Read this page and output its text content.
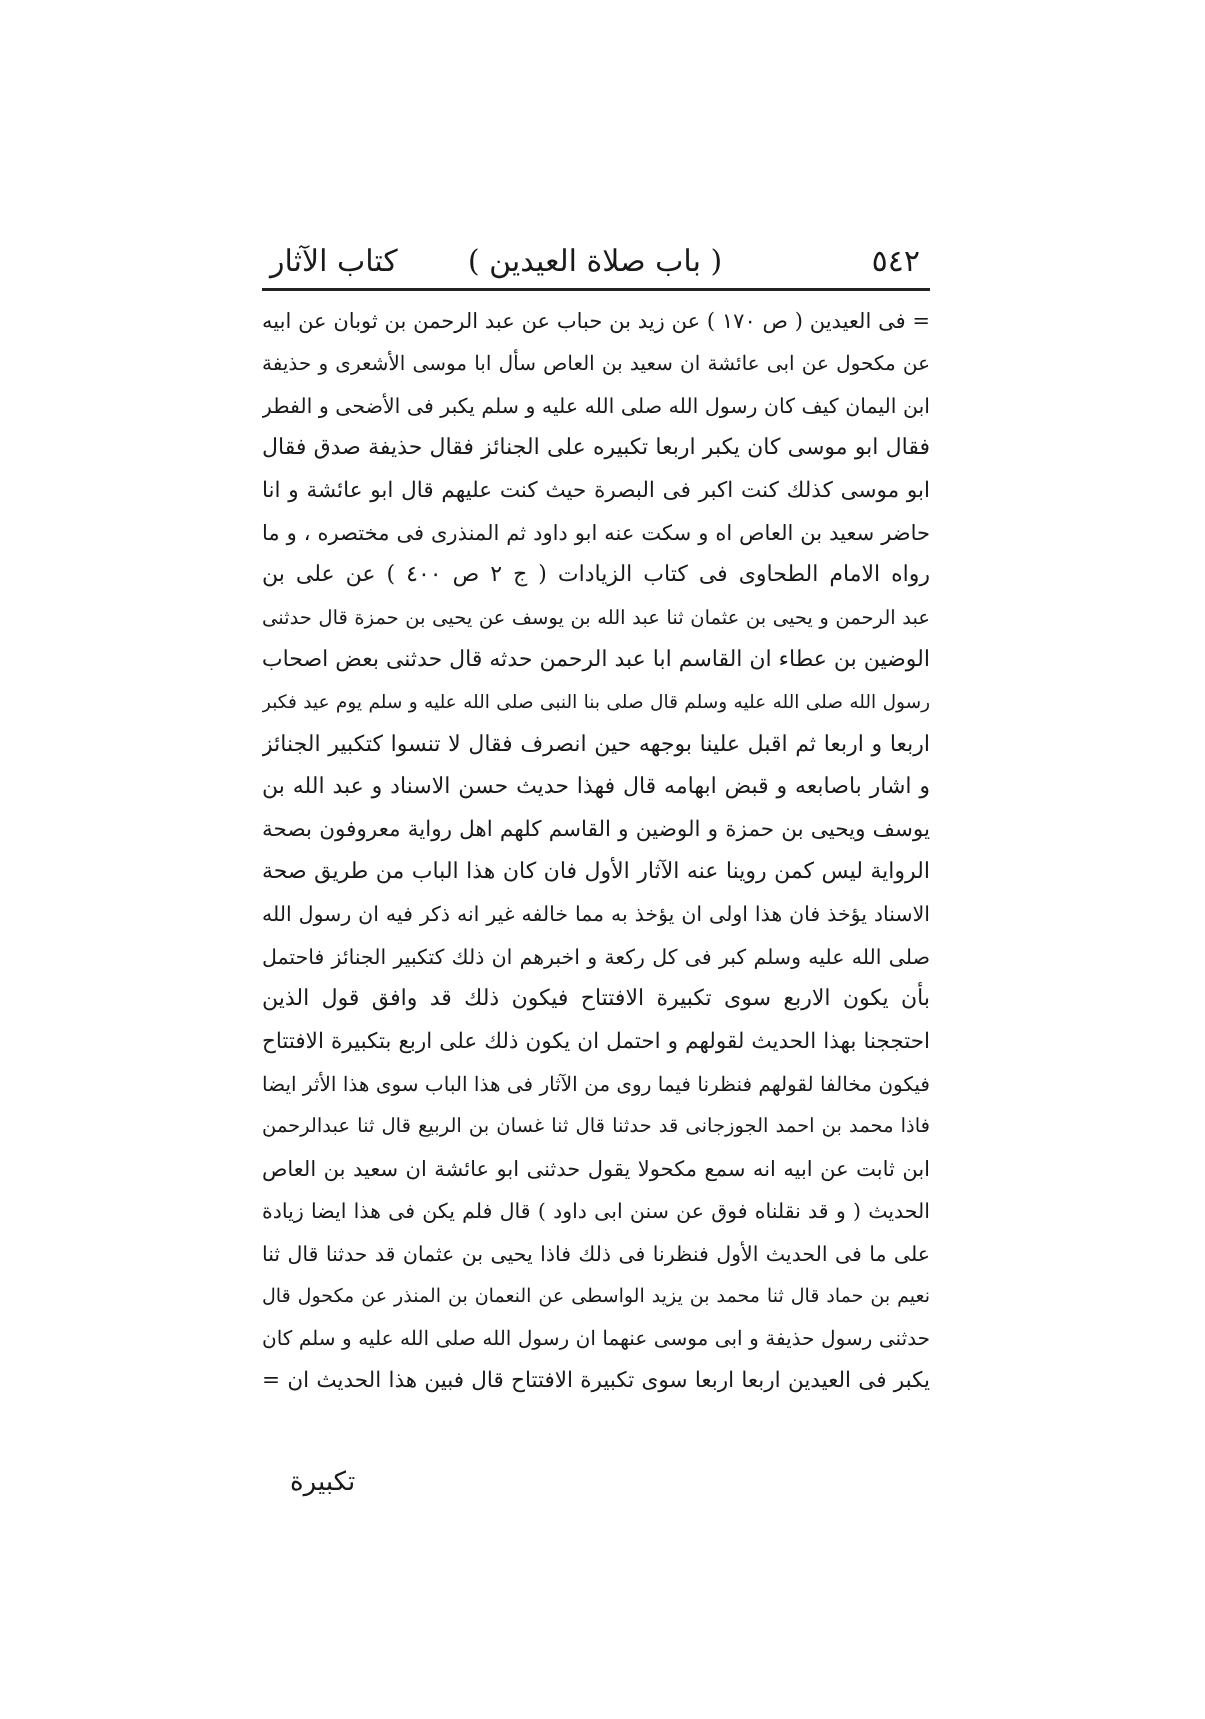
٥٤٢
( باب صلاة العيدين )
كتاب الآثار
= فى العيدين ( ص ١٧٠ ) عن زيد بن حباب عن عبد الرحمن بن ثوبان عن ابيه
عن مكحول عن ابى عائشة ان سعيد بن العاص سأل ابا موسى الأشعرى و حذيفة
ابن اليمان كيف كان رسول الله صلى الله عليه و سلم يكبر فى الأضحى و الفطر
فقال ابو موسى كان يكبر اربعا تكبيره على الجنائز فقال حذيفة صدق فقال
ابو موسى كذلك كنت اكبر فى البصرة حيث كنت عليهم قال ابو عائشة و انا
حاضر سعيد بن العاص اه و سكت عنه ابو داود ثم المنذرى فى مختصره ، و ما
رواه الامام الطحاوى فى كتاب الزيادات ( ج ٢ ص ٤٠٠ ) عن على بن
عبد الرحمن و يحيى بن عثمان ثنا عبد الله بن يوسف عن يحيى بن حمزة قال حدثنى
الوضين بن عطاء ان القاسم ابا عبد الرحمن حدثه قال حدثنى بعض اصحاب
رسول الله صلى الله عليه وسلم قال صلى بنا النبى صلى الله عليه و سلم يوم عيد فكبر
اربعا و اربعا ثم اقبل علينا بوجهه حين انصرف فقال لا تنسوا كتكبير الجنائز
و اشار باصابعه و قبض ابهامه قال فهذا حديث حسن الاسناد و عبد الله بن
يوسف ويحيى بن حمزة و الوضين و القاسم كلهم اهل رواية معروفون بصحة
الرواية ليس كمن روينا عنه الآثار الأول فان كان هذا الباب من طريق صحة
الاسناد يؤخذ فان هذا اولى ان يؤخذ به مما خالفه غير انه ذكر فيه ان رسول الله
صلى الله عليه وسلم كبر فى كل ركعة و اخبرهم ان ذلك كتكبير الجنائز فاحتمل
بأن يكون الاربع سوى تكبيرة الافتتاح فيكون ذلك قد وافق قول الذين
احتججنا بهذا الحديث لقولهم و احتمل ان يكون ذلك على اربع بتكبيرة الافتتاح
فيكون مخالفا لقولهم فنظرنا فيما روى من الآثار فى هذا الباب سوى هذا الأثر ايضا
فاذا محمد بن احمد الجوزجانى قد حدثنا قال ثنا غسان بن الربيع قال ثنا عبدالرحمن
ابن ثابت عن ابيه انه سمع مكحولا يقول حدثنى ابو عائشة ان سعيد بن العاص
الحديث ( و قد نقلناه فوق عن سنن ابى داود ) قال فلم يكن فى هذا ايضا زيادة
على ما فى الحديث الأول فنظرنا فى ذلك فاذا يحيى بن عثمان قد حدثنا قال ثنا
نعيم بن حماد قال ثنا محمد بن يزيد الواسطى عن النعمان بن المنذر عن مكحول قال
حدثنى رسول حذيفة و ابى موسى عنهما ان رسول الله صلى الله عليه و سلم كان
يكبر فى العيدين اربعا اربعا سوى تكبيرة الافتتاح قال فبين هذا الحديث ان =
تكبيرة
